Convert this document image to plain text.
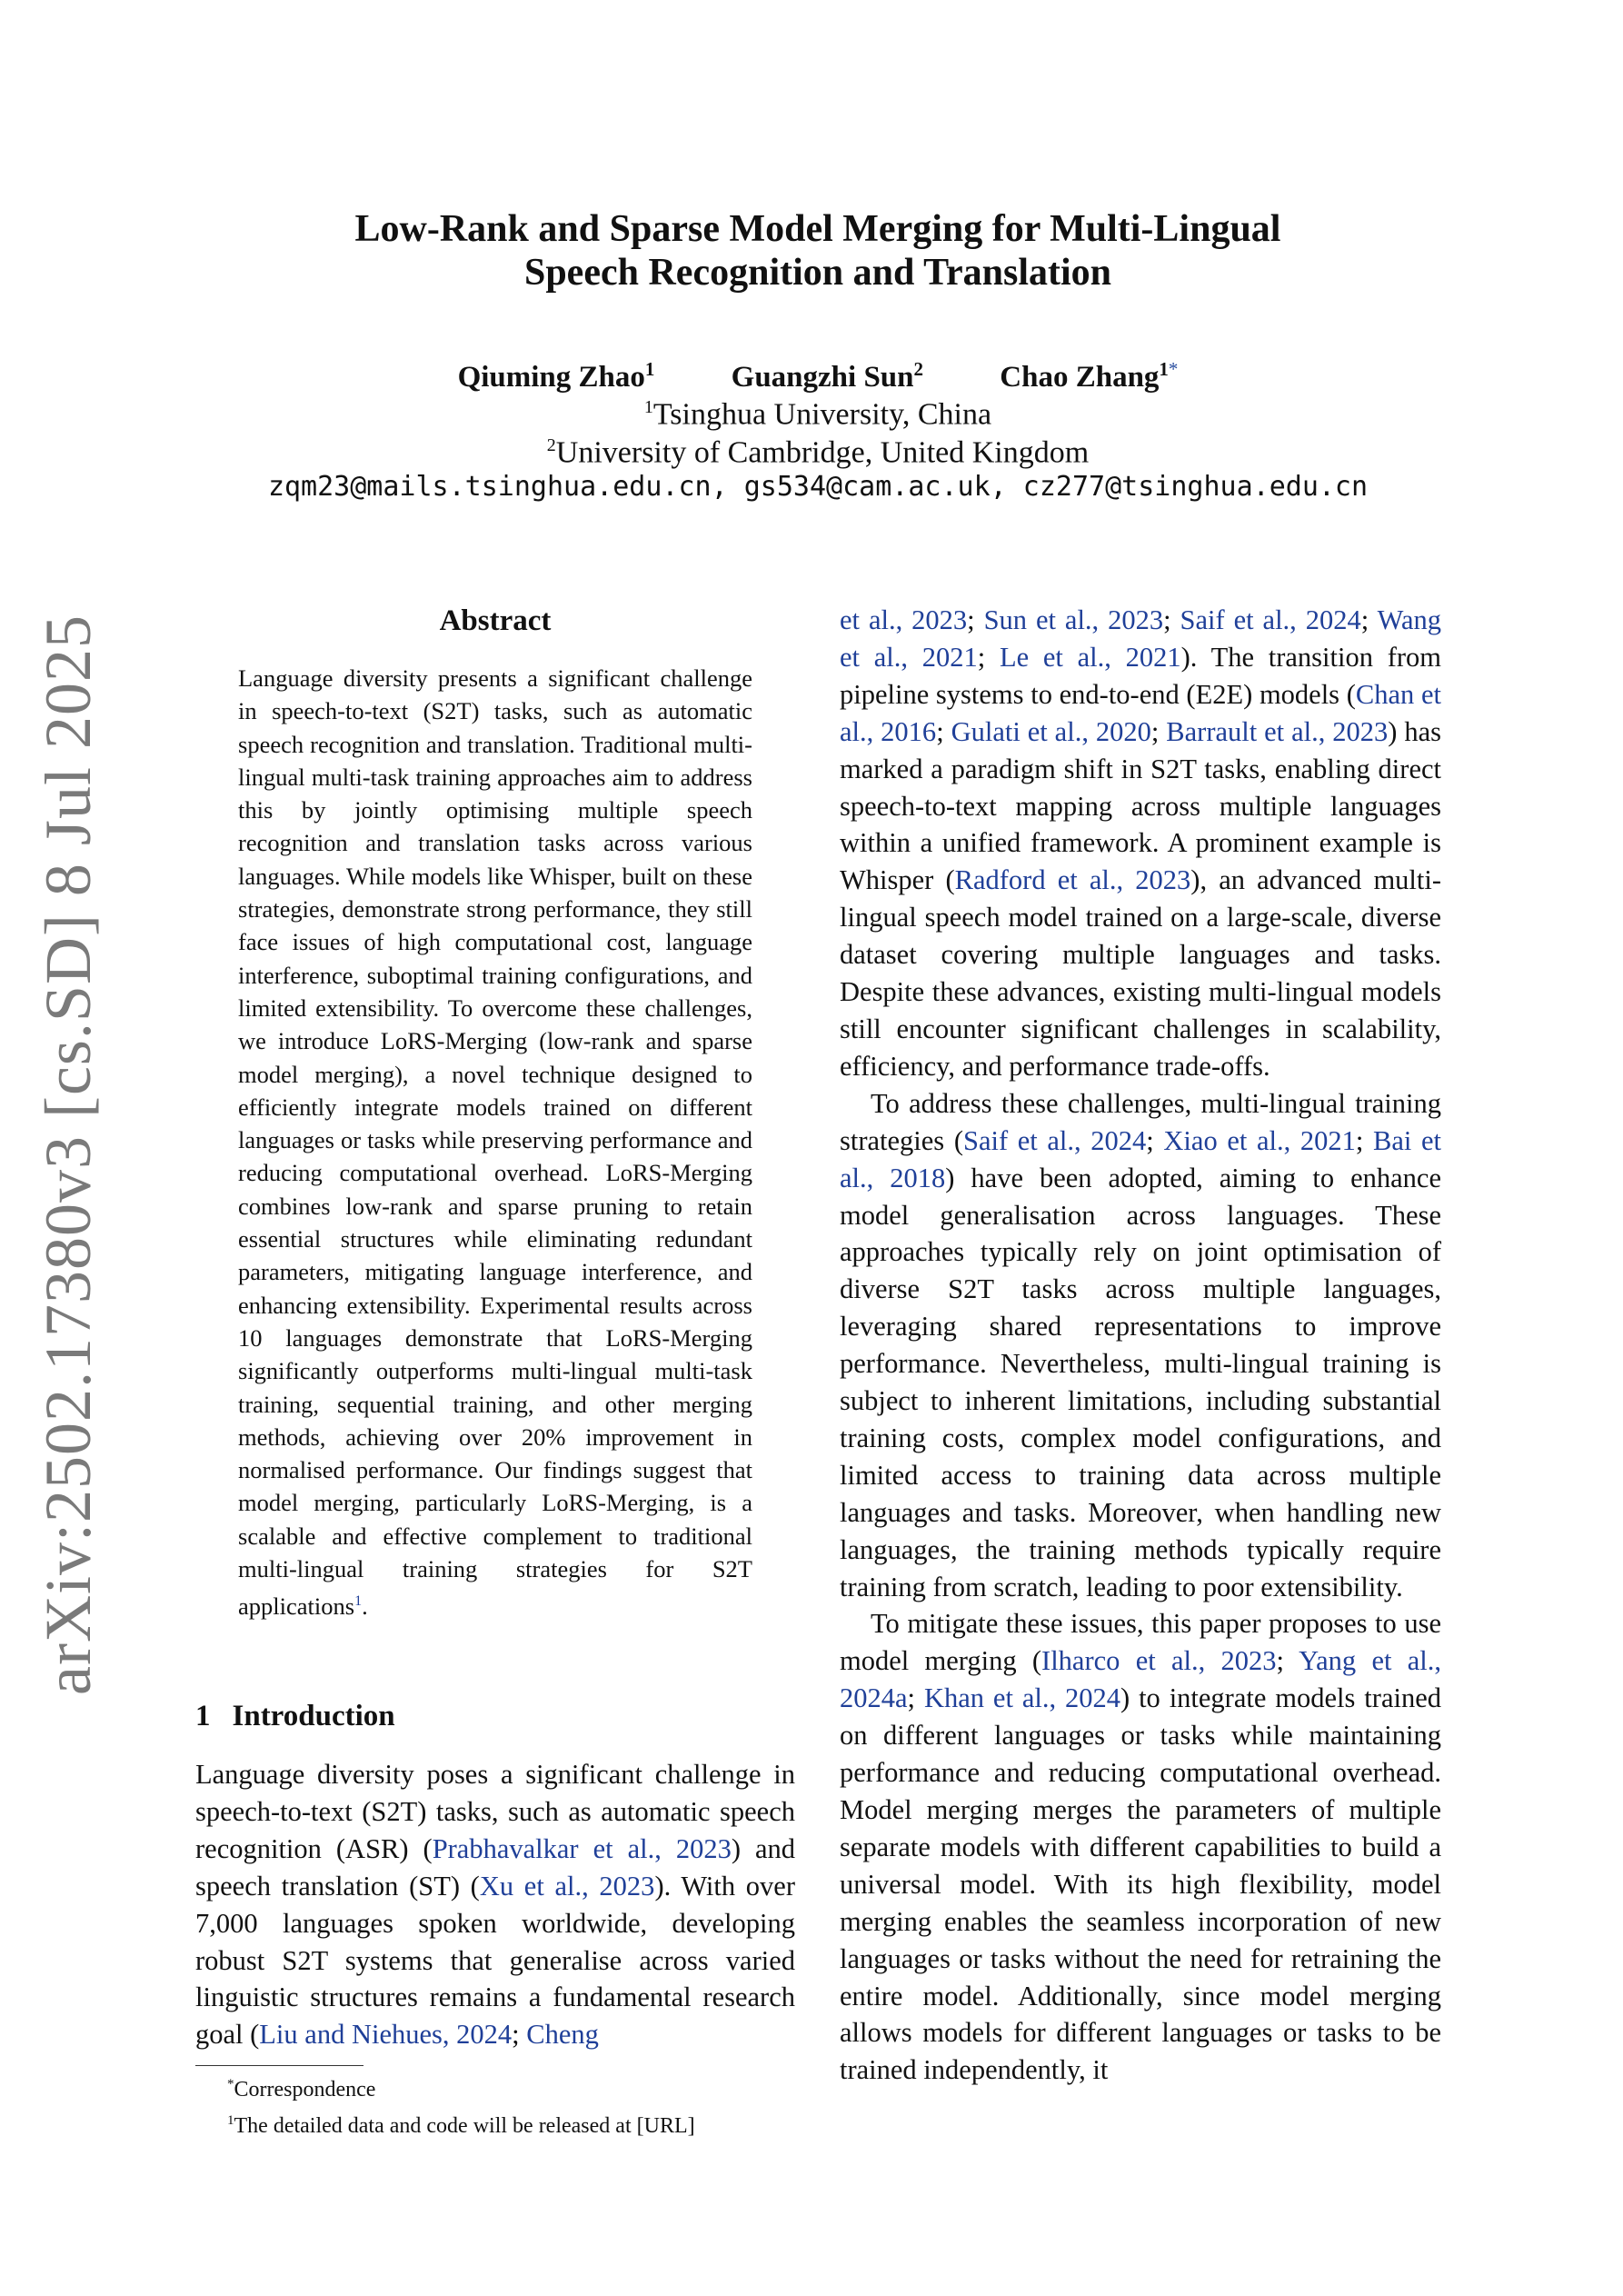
arXiv:2502.17380v3 [cs.SD] 8 Jul 2025
Low-Rank and Sparse Model Merging for Multi-Lingual
Speech Recognition and Translation
Qiuming Zhao$^1$	Guangzhi Sun$^2$	Chao Zhang$^{1*}$
$^1$Tsinghua University, China
$^2$University of Cambridge, United Kingdom
zqm23@mails.tsinghua.edu.cn, gs534@cam.ac.uk, cz277@tsinghua.edu.cn
Abstract
Language diversity presents a significant challenge in speech-to-text (S2T) tasks, such as automatic speech recognition and translation. Traditional multi-lingual multi-task training approaches aim to address this by jointly optimising multiple speech recognition and translation tasks across various languages. While models like Whisper, built on these strategies, demonstrate strong performance, they still face issues of high computational cost, language interference, suboptimal training configurations, and limited extensibility. To overcome these challenges, we introduce LoRS-Merging (low-rank and sparse model merging), a novel technique designed to efficiently integrate models trained on different languages or tasks while preserving performance and reducing computational overhead. LoRS-Merging combines low-rank and sparse pruning to retain essential structures while eliminating redundant parameters, mitigating language interference, and enhancing extensibility. Experimental results across 10 languages demonstrate that LoRS-Merging significantly outperforms multi-lingual multi-task training, sequential training, and other merging methods, achieving over 20% improvement in normalised performance. Our findings suggest that model merging, particularly LoRS-Merging, is a scalable and effective complement to traditional multi-lingual training strategies for S2T applications$^1$.
1 Introduction
Language diversity poses a significant challenge in speech-to-text (S2T) tasks, such as automatic speech recognition (ASR) (Prabhavalkar et al., 2023) and speech translation (ST) (Xu et al., 2023). With over 7,000 languages spoken worldwide, developing robust S2T systems that generalise across varied linguistic structures remains a fundamental research goal (Liu and Niehues, 2024; Cheng
*Correspondence
$^1$The detailed data and code will be released at [URL]

et al., 2023; Sun et al., 2023; Saif et al., 2024; Wang et al., 2021; Le et al., 2021). The transition from pipeline systems to end-to-end (E2E) models (Chan et al., 2016; Gulati et al., 2020; Barrault et al., 2023) has marked a paradigm shift in S2T tasks, enabling direct speech-to-text mapping across multiple languages within a unified framework. A prominent example is Whisper (Radford et al., 2023), an advanced multi-lingual speech model trained on a large-scale, diverse dataset covering multiple languages and tasks. Despite these advances, existing multi-lingual models still encounter significant challenges in scalability, efficiency, and performance trade-offs.

To address these challenges, multi-lingual training strategies (Saif et al., 2024; Xiao et al., 2021; Bai et al., 2018) have been adopted, aiming to enhance model generalisation across languages. These approaches typically rely on joint optimisation of diverse S2T tasks across multiple languages, leveraging shared representations to improve performance. Nevertheless, multi-lingual training is subject to inherent limitations, including substantial training costs, complex model configurations, and limited access to training data across multiple languages and tasks. Moreover, when handling new languages, the training methods typically require training from scratch, leading to poor extensibility.

To mitigate these issues, this paper proposes to use model merging (Ilharco et al., 2023; Yang et al., 2024a; Khan et al., 2024) to integrate models trained on different languages or tasks while maintaining performance and reducing computational overhead. Model merging merges the parameters of multiple separate models with different capabilities to build a universal model. With its high flexibility, model merging enables the seamless incorporation of new languages or tasks without the need for retraining the entire model. Additionally, since model merging allows models for different languages or tasks to be trained independently, it
